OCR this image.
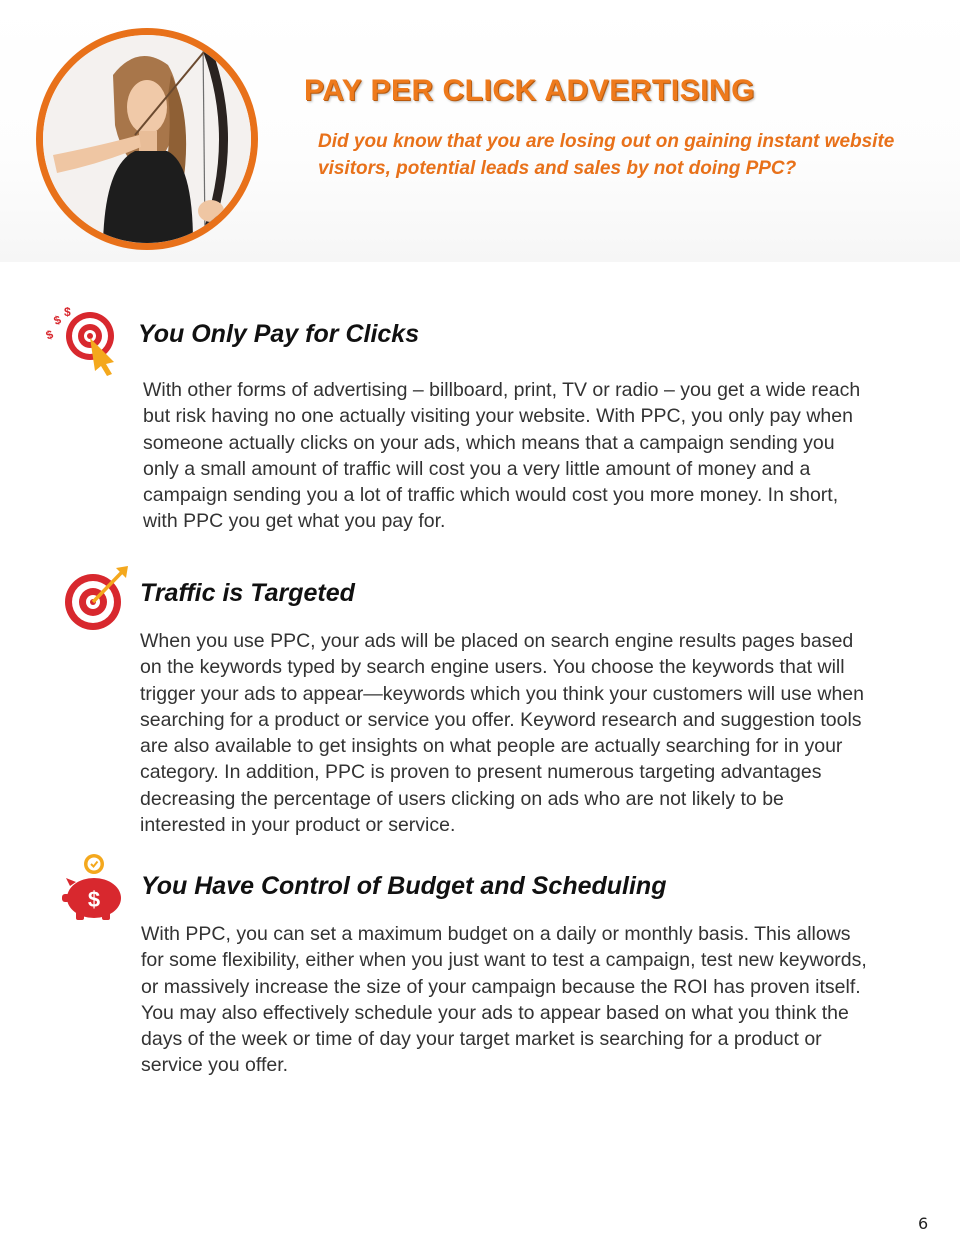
PAY PER CLICK ADVERTISING

Did you know that you are losing out on gaining instant website visitors, potential leads and sales by not doing PPC?

$
$
$
You Only Pay for Clicks

With other forms of advertising – billboard, print, TV or radio – you get a wide reach but risk having no one actually visiting your website. With PPC, you only pay when someone actually clicks on your ads, which means that a campaign sending you only a small amount of traffic will cost you a very little amount of money and a campaign sending you a lot of traffic which would cost you more money. In short, with PPC you get what you pay for.

Traffic is Targeted

When you use PPC, your ads will be placed on search engine results pages based on the keywords typed by search engine users. You choose the keywords that will trigger your ads to appear—keywords which you think your customers will use when searching for a product or service you offer. Keyword research and suggestion tools are also available to get insights on what people are actually searching for in your category. In addition, PPC is proven to present numerous targeting advantages decreasing the percentage of users clicking on ads who are not likely to be interested in your product or service.

$ You Have Control of Budget and Scheduling

With PPC, you can set a maximum budget on a daily or monthly basis. This allows for some flexibility, either when you just want to test a campaign, test new keywords, or massively increase the size of your campaign because the ROI has proven itself. You may also effectively schedule your ads to appear based on what you think the days of the week or time of day your target market is searching for a product or service you offer.

6
